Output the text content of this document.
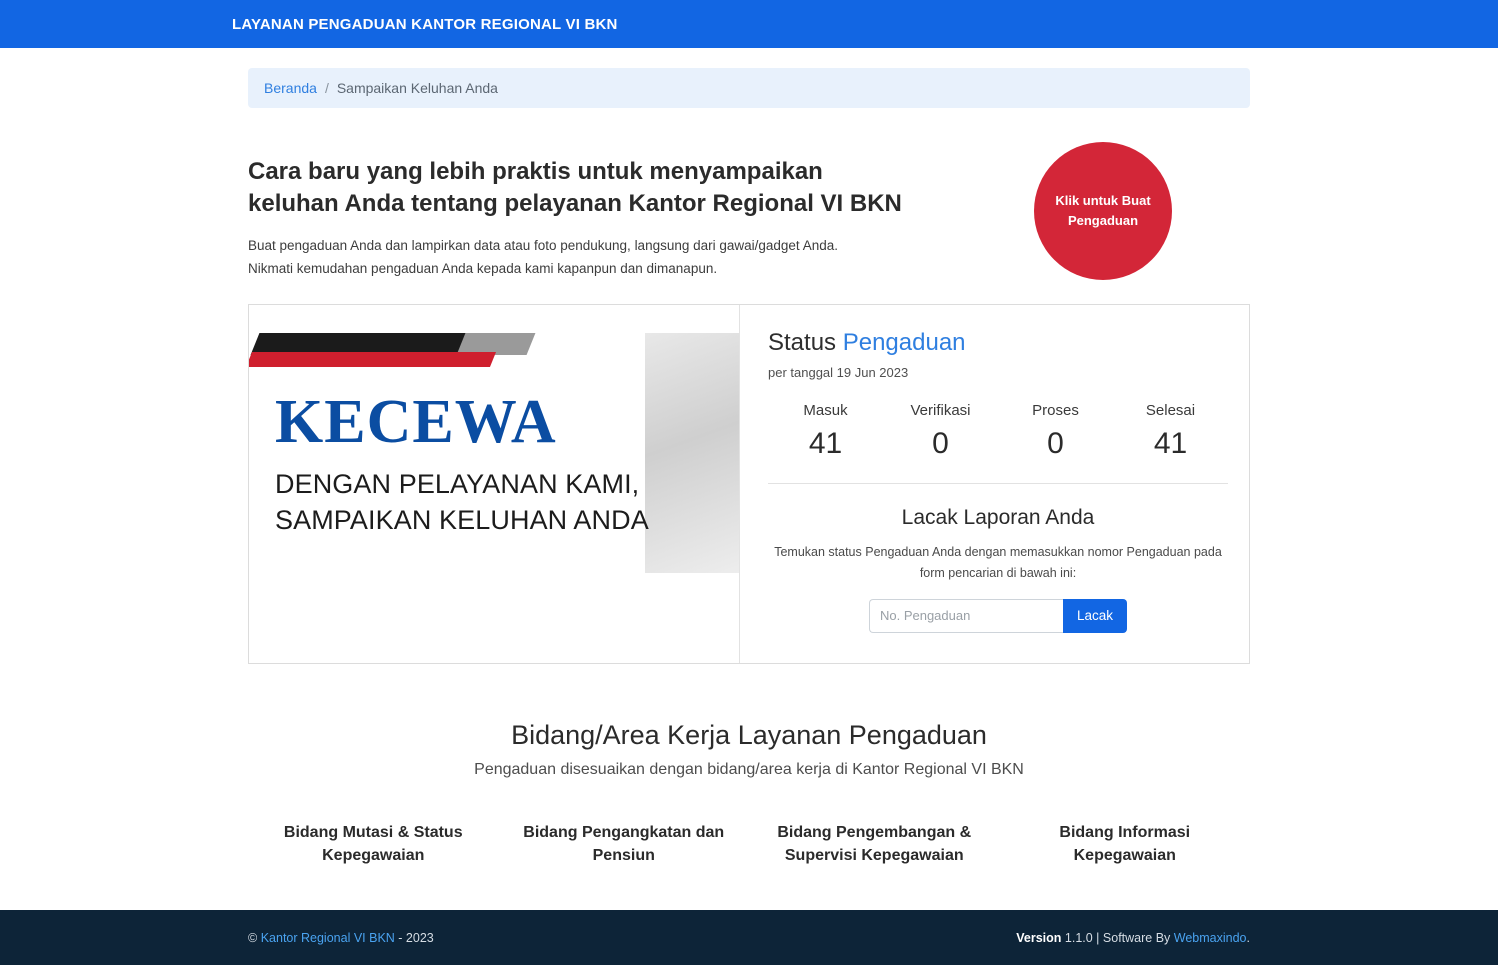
LAYANAN PENGADUAN KANTOR REGIONAL VI BKN
Beranda / Sampaikan Keluhan Anda
Cara baru yang lebih praktis untuk menyampaikan
keluhan Anda tentang pelayanan Kantor Regional VI BKN

Buat pengaduan Anda dan lampirkan data atau foto pendukung, langsung dari gawai/gadget Anda.
Nikmati kemudahan pengaduan Anda kepada kami kapanpun dan dimanapun.

Klik untuk Buat Pengaduan
KECEWA
DENGAN PELAYANAN KAMI,
SAMPAIKAN KELUHAN ANDA
Status Pengaduan
per tanggal 19 Jun 2023
Masuk
41
Verifikasi
0
Proses
0
Selesai
41
Lacak Laporan Anda

Temukan status Pengaduan Anda dengan memasukkan nomor Pengaduan pada form pencarian di bawah ini:

No. Pengaduan
Lacak
Bidang/Area Kerja Layanan Pengaduan
Pengaduan disesuaikan dengan bidang/area kerja di Kantor Regional VI BKN
Bidang Mutasi & Status Kepegawaian
Bidang Pengangkatan dan Pensiun
Bidang Pengembangan & Supervisi Kepegawaian
Bidang Informasi Kepegawaian
© Kantor Regional VI BKN - 2023	Version 1.1.0 | Software By Webmaxindo.
